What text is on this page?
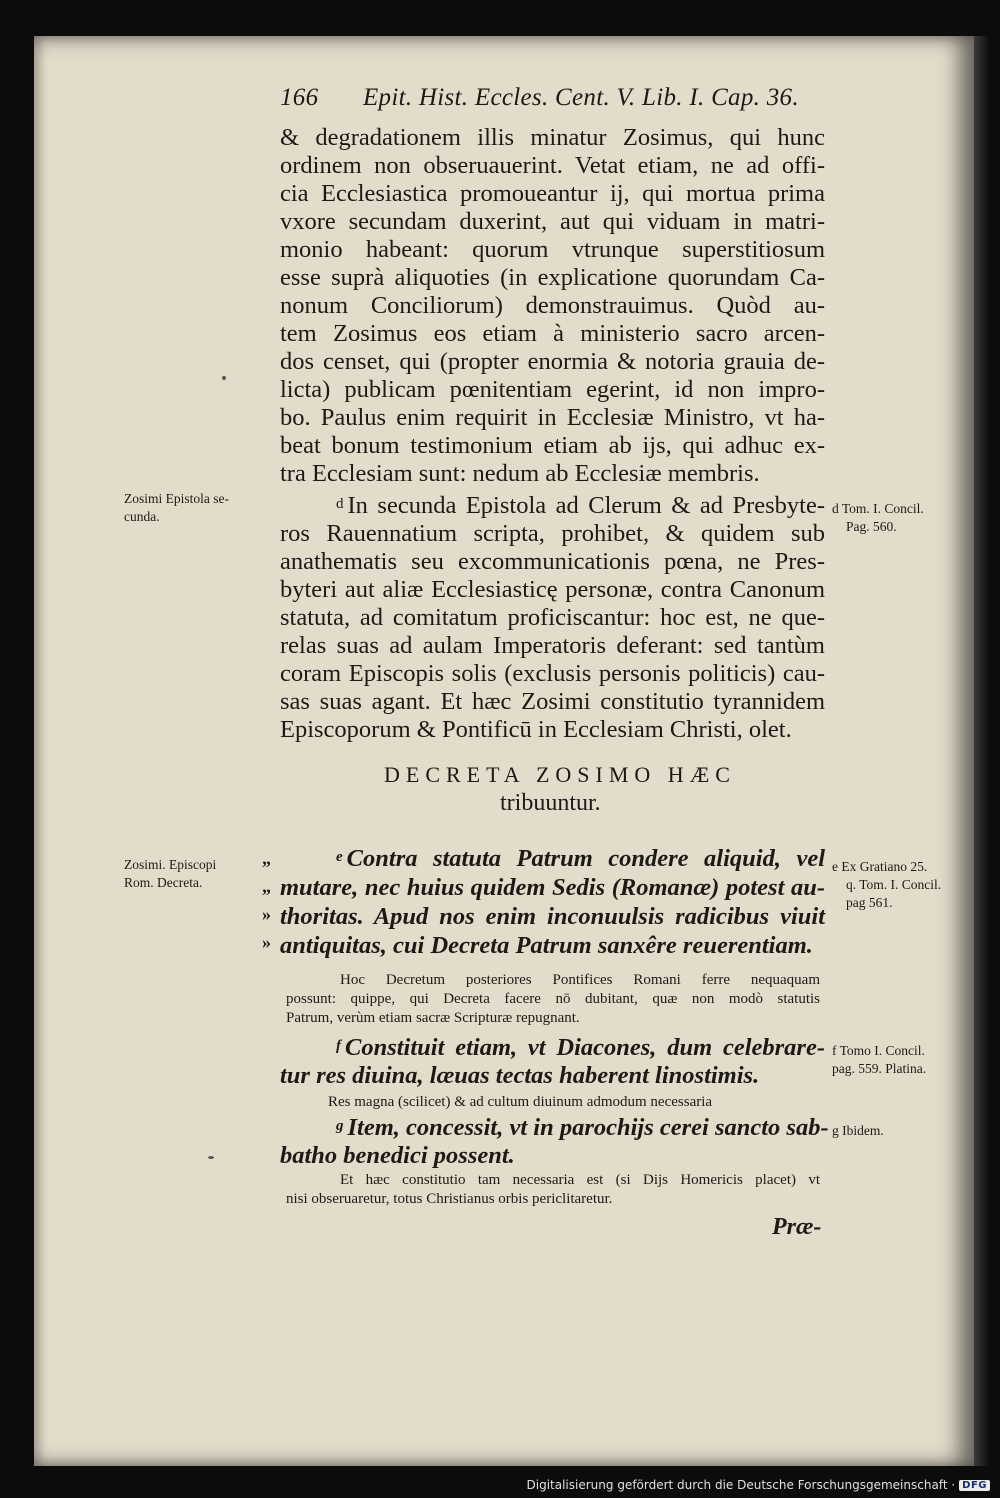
166 Epit. Hist. Eccles. Cent. V. Lib. I. Cap. 36.
& degradationem illis minatur Zosimus, qui hunc
ordinem non obseruauerint. Vetat etiam, ne ad offi-
cia Ecclesiastica promoueantur ij, qui mortua prima
vxore secundam duxerint, aut qui viduam in matri-
monio habeant: quorum vtrunque superstitiosum
esse suprà aliquoties (in explicatione quorundam Ca-
nonum Conciliorum) demonstrauimus. Quòd au-
tem Zosimus eos etiam à ministerio sacro arcen-
dos censet, qui (propter enormia & notoria grauia de-
licta) publicam pœnitentiam egerint, id non impro-
bo. Paulus enim requirit in Ecclesiæ Ministro, vt ha-
beat bonum testimonium etiam ab ijs, qui adhuc ex-
tra Ecclesiam sunt: nedum ab Ecclesiæ membris.
Zosimi Epistola se-
cunda.
$^d$ In secunda Epistola ad Clerum & ad Presbyte-
ros Rauennatium scripta, prohibet, & quidem sub
anathematis seu excommunicationis pœna, ne Pres-
byteri aut aliæ Ecclesiasticę personæ, contra Canonum
statuta, ad comitatum proficiscantur: hoc est, ne que-
relas suas ad aulam Imperatoris deferant: sed tantùm
coram Episcopis solis (exclusis personis politicis) cau-
sas suas agant. Et hæc Zosimi constitutio tyrannidem
Episcoporum & Pontificū in Ecclesiam Christi, olet.
d Tom. I. Concil.
Pag. 560.
DECRETA ZOSIMO HÆC
tribuuntur.
Zosimi. Episcopi
Rom. Decreta.
„
„
»
»
$^e$ Contra statuta Patrum condere aliquid, vel
mutare, nec huius quidem Sedis (Romanæ) potest au-
thoritas. Apud nos enim inconuulsis radicibus viuit
antiquitas, cui Decreta Patrum sanxêre reuerentiam.
e Ex Gratiano 25.
q. Tom. I. Concil.
pag 561.
Hoc Decretum posteriores Pontifices Romani ferre nequaquam
possunt: quippe, qui Decreta facere nō dubitant, quæ non modò statutis
Patrum, verùm etiam sacræ Scripturæ repugnant.
$^f$ Constituit etiam, vt Diacones, dum celebrare-
tur res diuina, læuas tectas haberent linostimis.
f Tomo I. Concil.
pag. 559. Platina.
Res magna (scilicet) & ad cultum diuinum admodum necessaria
$^g$ Item, concessit, vt in parochijs cerei sancto sab-
batho benedici possent.
g Ibidem.
Et hæc constitutio tam necessaria est (si Dijs Homericis placet) vt
nisi obseruaretur, totus Christianus orbis periclitaretur.
Præ-
Digitalisierung gefördert durch die Deutsche Forschungsgemeinschaft · DFG
